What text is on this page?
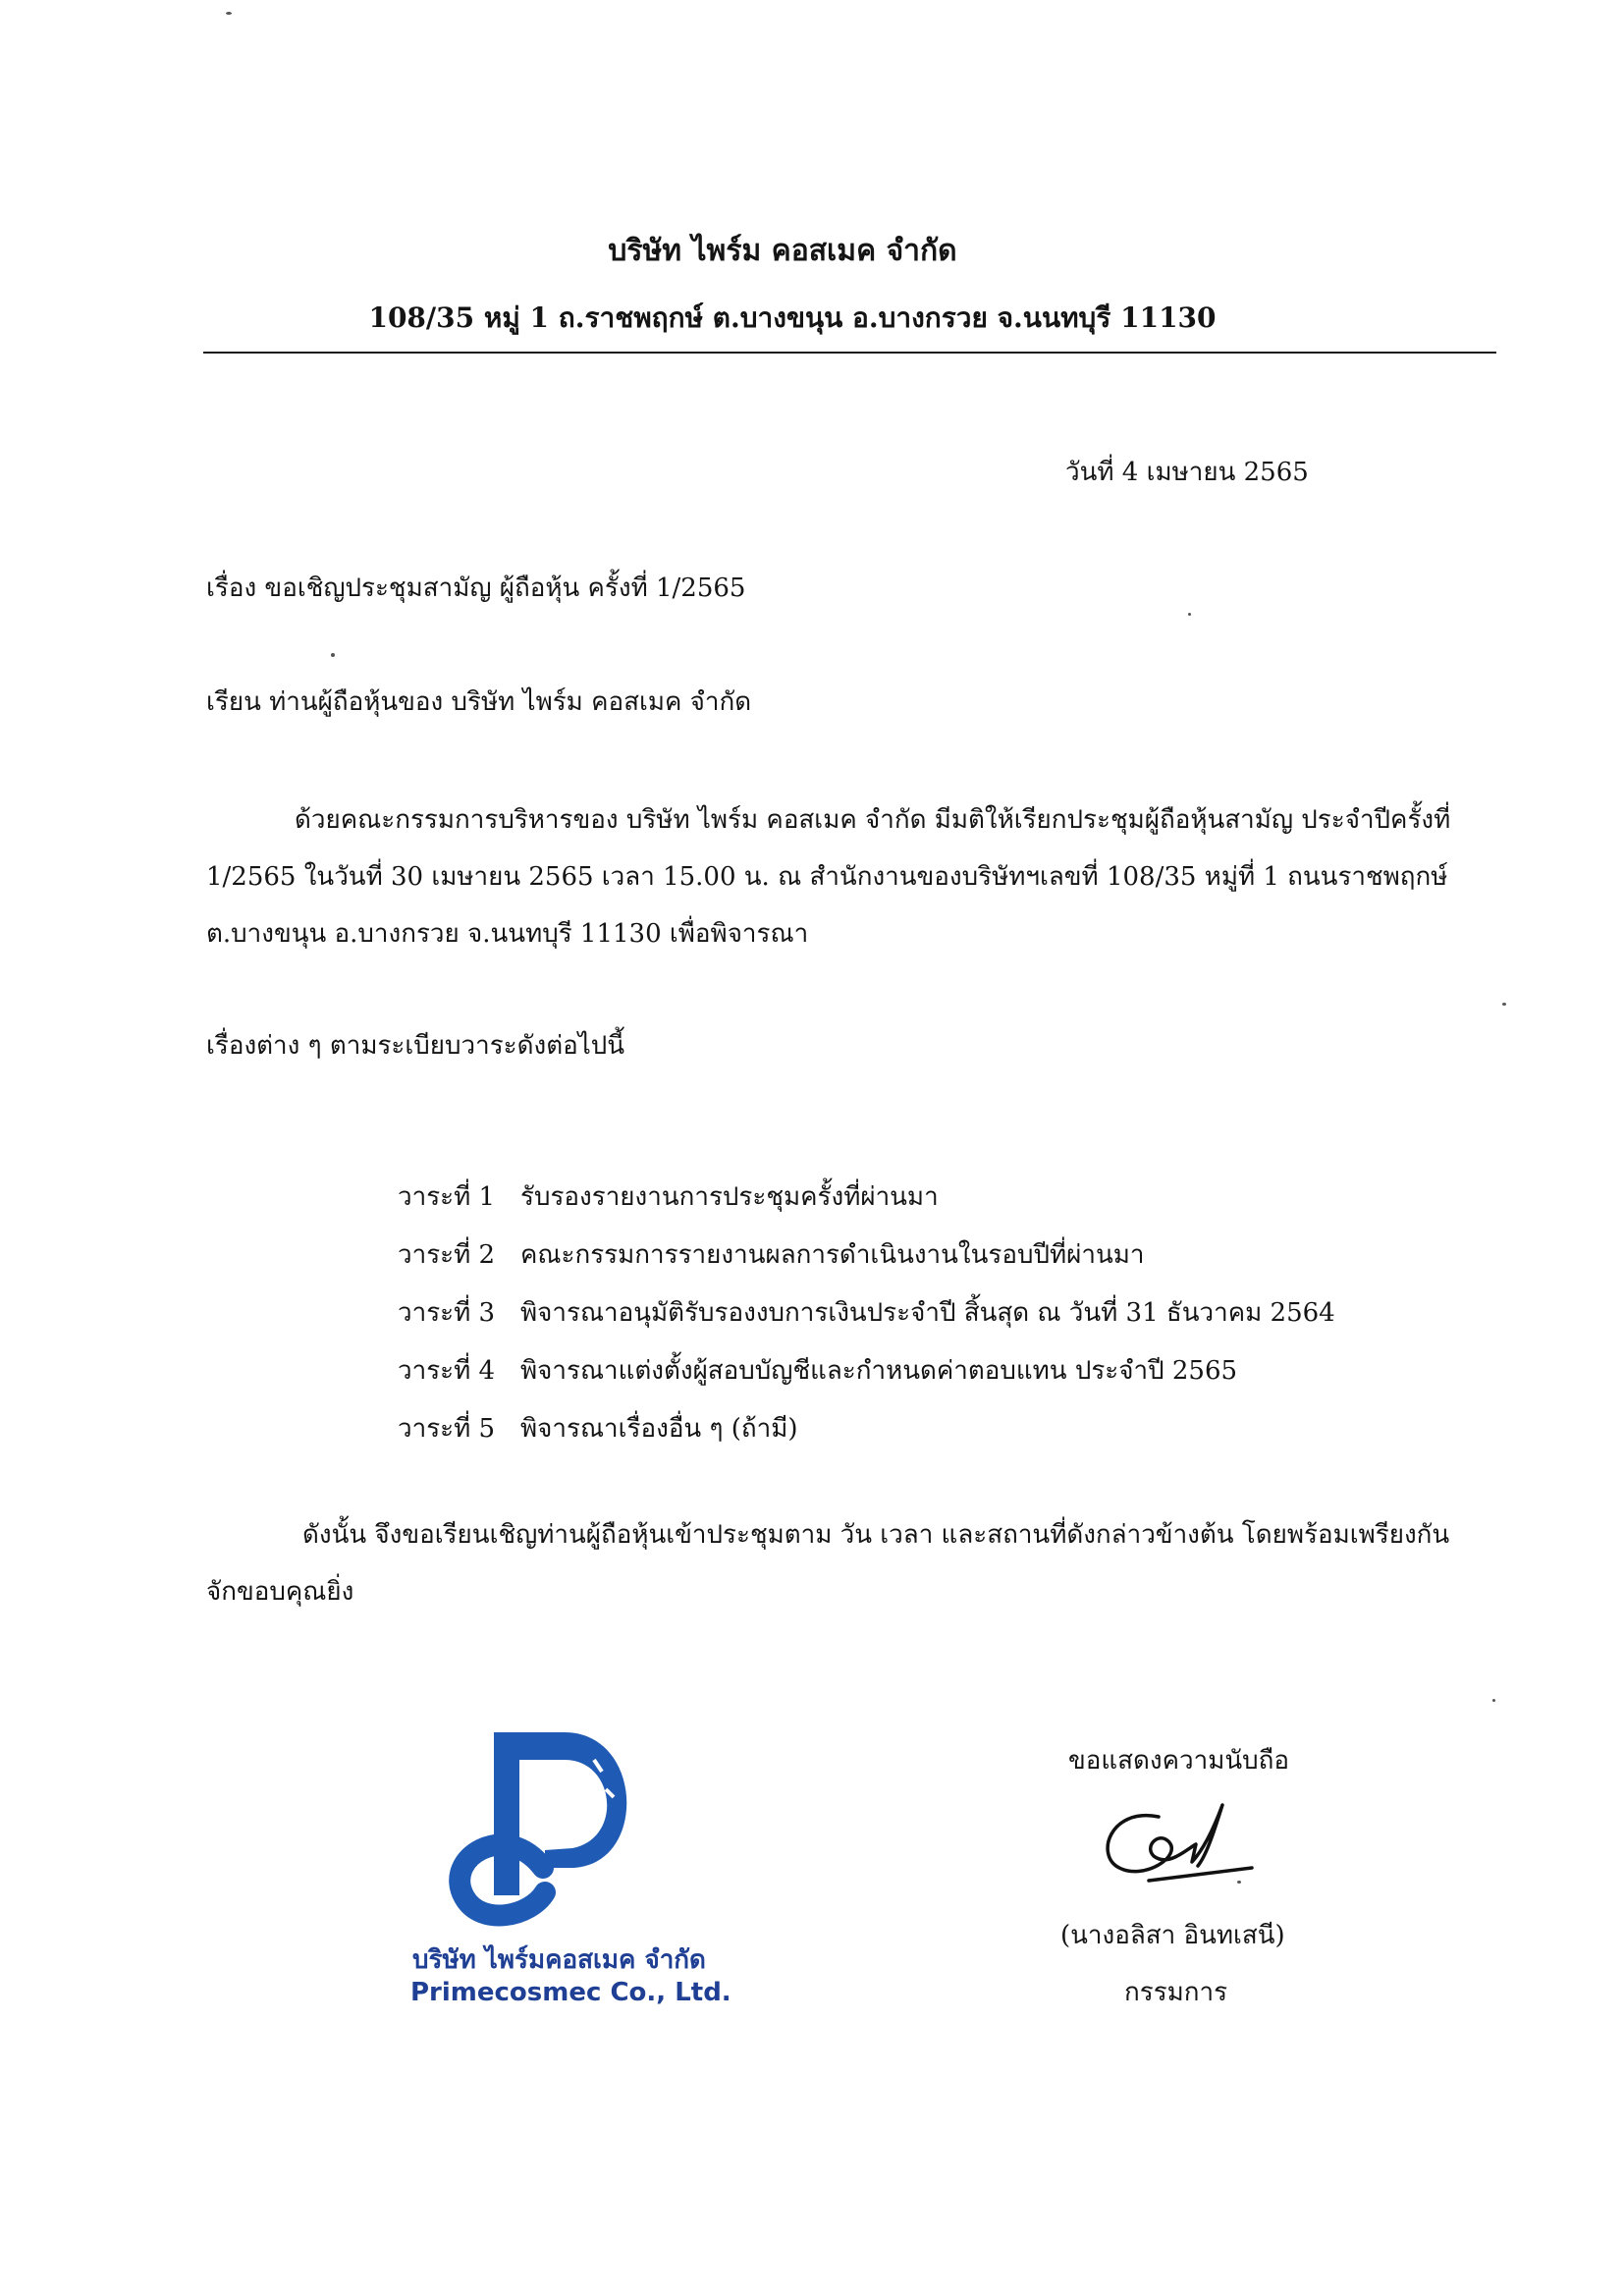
บริษัท ไพร์ม คอสเมค จำกัด
108/35 หมู่ 1 ถ.ราชพฤกษ์ ต.บางขนุน อ.บางกรวย จ.นนทบุรี 11130
วันที่ 4 เมษายน 2565
เรื่อง ขอเชิญประชุมสามัญ ผู้ถือหุ้น ครั้งที่ 1/2565
เรียน ท่านผู้ถือหุ้นของ บริษัท ไพร์ม คอสเมค จำกัด
ด้วยคณะกรรมการบริหารของ บริษัท ไพร์ม คอสเมค จำกัด มีมติให้เรียกประชุมผู้ถือหุ้นสามัญ ประจำปีครั้งที่ 1/2565 ในวันที่ 30 เมษายน 2565 เวลา 15.00 น. ณ สำนักงานของบริษัทฯเลขที่ 108/35 หมู่ที่ 1 ถนนราชพฤกษ์ ต.บางขนุน อ.บางกรวย จ.นนทบุรี 11130 เพื่อพิจารณา
เรื่องต่าง ๆ ตามระเบียบวาระดังต่อไปนี้
วาระที่ 1 รับรองรายงานการประชุมครั้งที่ผ่านมา
วาระที่ 2 คณะกรรมการรายงานผลการดำเนินงานในรอบปีที่ผ่านมา
วาระที่ 3 พิจารณาอนุมัติรับรองงบการเงินประจำปี สิ้นสุด ณ วันที่ 31 ธันวาคม 2564
วาระที่ 4 พิจารณาแต่งตั้งผู้สอบบัญชีและกำหนดค่าตอบแทน ประจำปี 2565
วาระที่ 5 พิจารณาเรื่องอื่น ๆ (ถ้ามี)
ดังนั้น จึงขอเรียนเชิญท่านผู้ถือหุ้นเข้าประชุมตาม วัน เวลา และสถานที่ดังกล่าวข้างต้น โดยพร้อมเพรียงกัน จักขอบคุณยิ่ง
บริษัท ไพร์มคอสเมค จำกัด
Primecosmec Co., Ltd.
ขอแสดงความนับถือ
(นางอลิสา อินทเสนี)
กรรมการ
